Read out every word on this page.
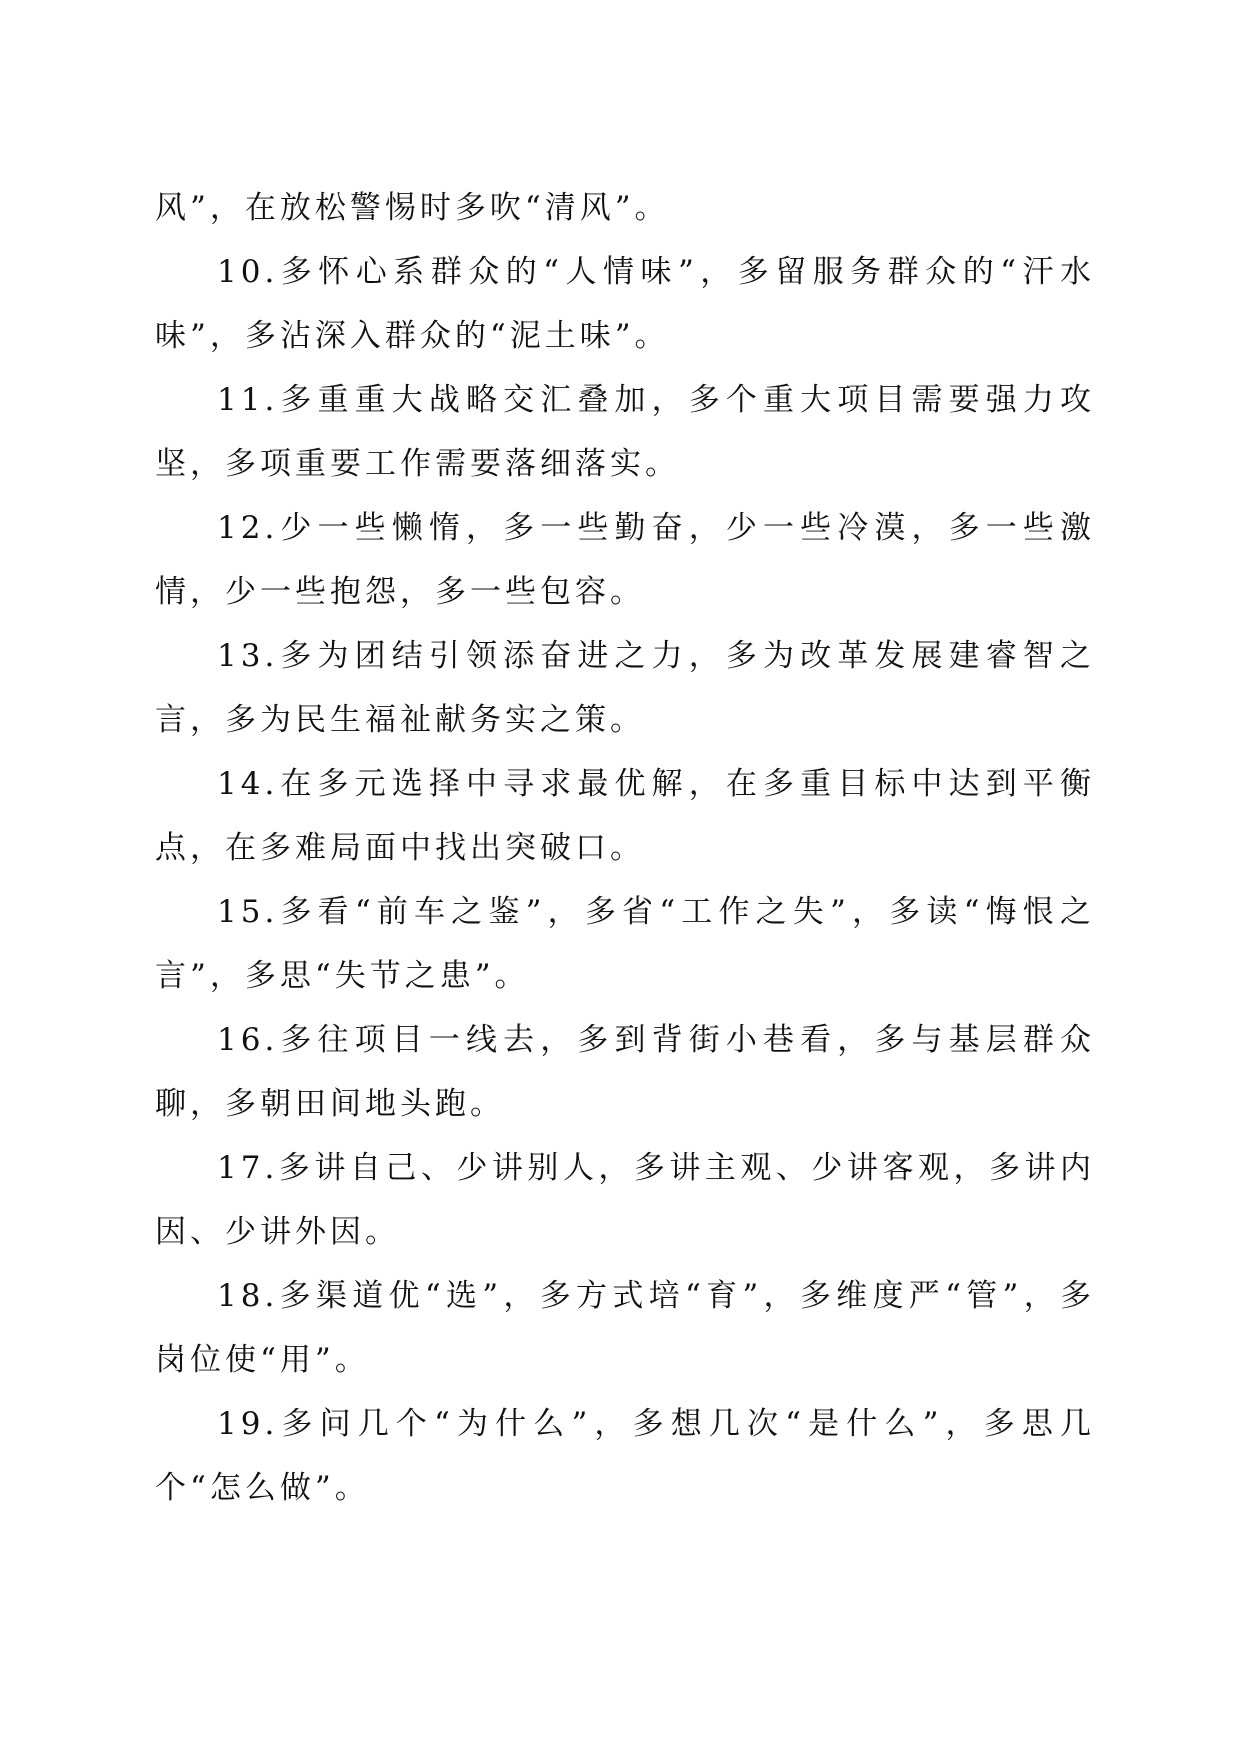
风”，在放松警惕时多吹“清风”。

10.多怀心系群众的“人情味”，多留服务群众的“汗水味”，多沾深入群众的“泥土味”。

11.多重重大战略交汇叠加，多个重大项目需要强力攻坚，多项重要工作需要落细落实。

12.少一些懒惰，多一些勤奋，少一些冷漠，多一些激情，少一些抱怨，多一些包容。

13.多为团结引领添奋进之力，多为改革发展建睿智之言，多为民生福祉献务实之策。

14.在多元选择中寻求最优解，在多重目标中达到平衡点，在多难局面中找出突破口。

15.多看“前车之鉴”，多省“工作之失”，多读“悔恨之言”，多思“失节之患”。

16.多往项目一线去，多到背街小巷看，多与基层群众聊，多朝田间地头跑。

17.多讲自己、少讲别人，多讲主观、少讲客观，多讲内因、少讲外因。

18.多渠道优“选”，多方式培“育”，多维度严“管”，多岗位使“用”。

19.多问几个“为什么”，多想几次“是什么”，多思几个“怎么做”。
